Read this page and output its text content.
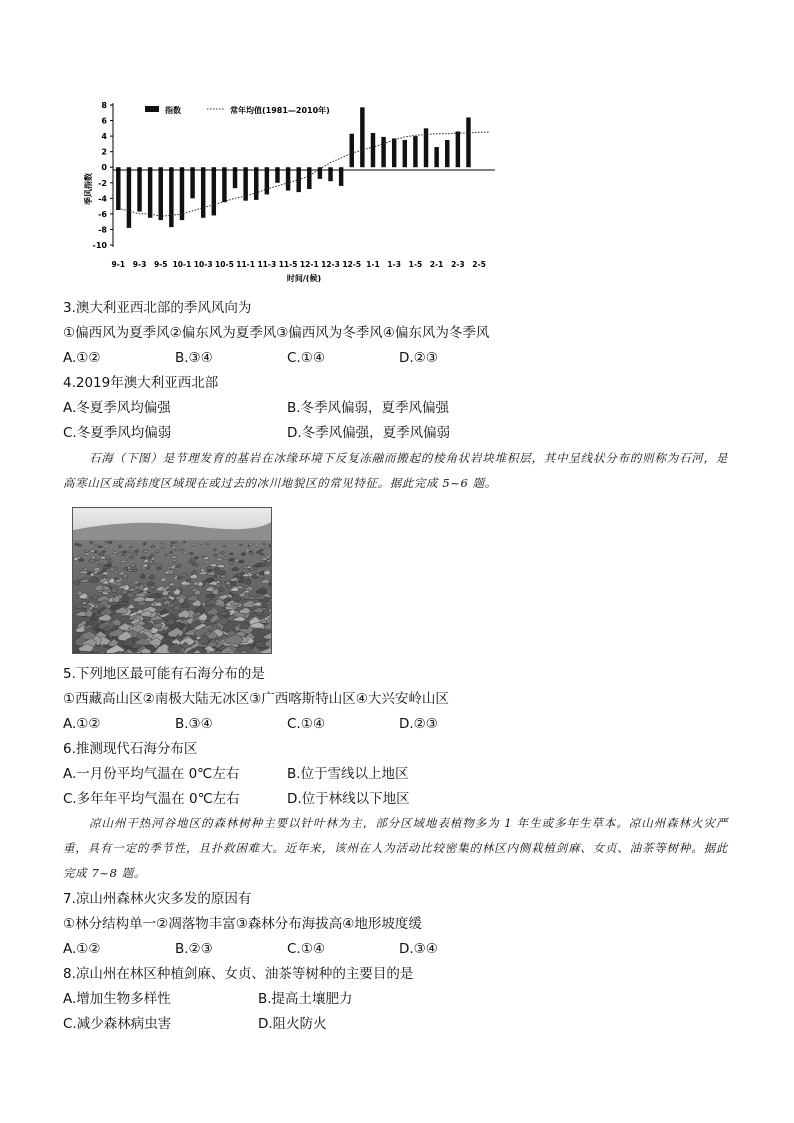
8
6
4
2
0
-2
-4
-6
-8
-10
9-1 9-3 9-5 10-1 10-3 10-5 11-1 11-3 11-5 12-1 12-3 12-5 1-1 1-3 1-5 2-1 2-3 2-5
指数	常年均值(1981—2010年)
季风指数
时间/(候)
3.澳大利亚西北部的季风风向为
①偏西风为夏季风②偏东风为夏季风③偏西风为冬季风④偏东风为冬季风
A.①②	B.③④	C.①④	D.②③
4.2019年澳大利亚西北部
A.冬夏季风均偏强	B.冬季风偏弱，夏季风偏强
C.冬夏季风均偏弱	D.冬季风偏强，夏季风偏弱
石海（下图）是节理发育的基岩在冰缘环境下反复冻融而搬起的棱角状岩块堆积层，其中呈线状分布的则称为石河，是高寒山区或高纬度区域现在或过去的冰川地貌区的常见特征。据此完成 5~6 题。
5.下列地区最可能有石海分布的是
①西藏高山区②南极大陆无冰区③广西喀斯特山区④大兴安岭山区
A.①②	B.③④	C.①④	D.②③
6.推测现代石海分布区
A.一月份平均气温在 0℃左右	B.位于雪线以上地区
C.多年年平均气温在 0℃左右	D.位于林线以下地区
凉山州干热河谷地区的森林树种主要以针叶林为主，部分区域地表植物多为 1 年生或多年生草本。凉山州森林火灾严重，具有一定的季节性，且扑救困难大。近年来，该州在人为活动比较密集的林区内侧栽植剑麻、女贞、油茶等树种。据此完成 7~8 题。
7.凉山州森林火灾多发的原因有
①林分结构单一②凋落物丰富③森林分布海拔高④地形坡度缓
A.①②	B.②③	C.①④	D.③④
8.凉山州在林区种植剑麻、女贞、油茶等树种的主要目的是
A.增加生物多样性	B.提高土壤肥力
C.减少森林病虫害	D.阻火防火
